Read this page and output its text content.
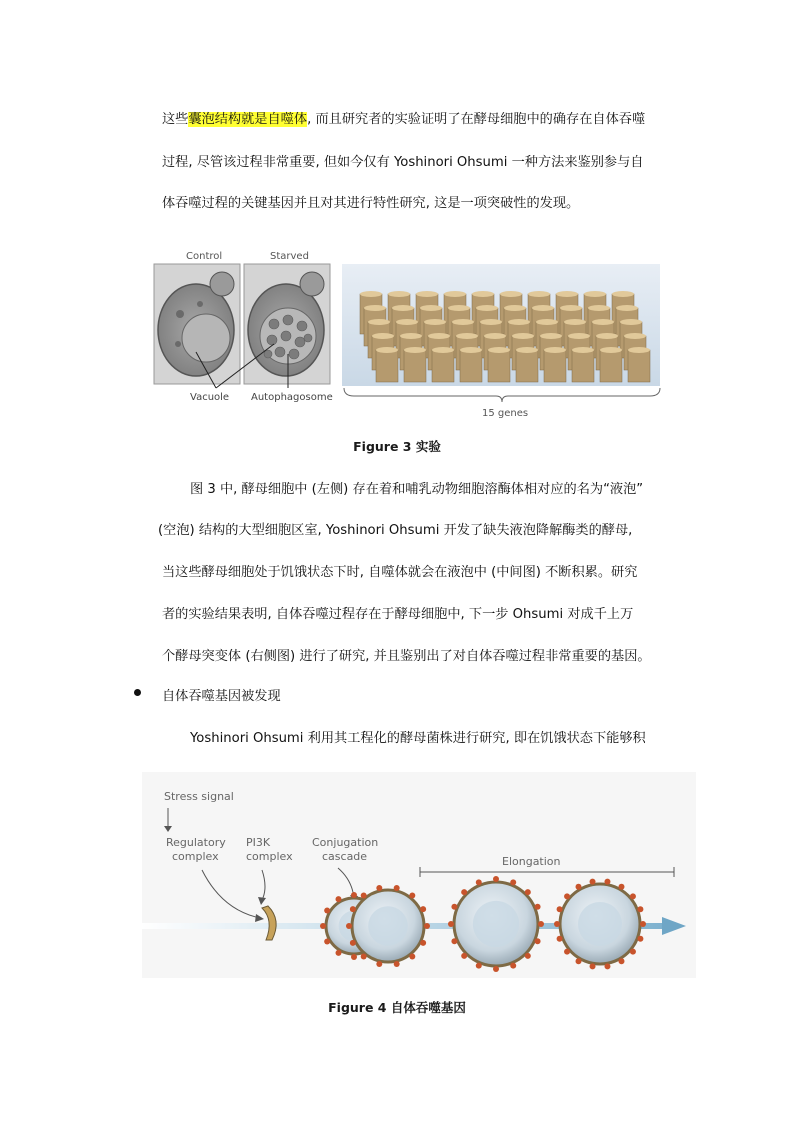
这些囊泡结构就是自噬体, 而且研究者的实验证明了在酵母细胞中的确存在自体吞噬
过程, 尽管该过程非常重要, 但如今仅有 Yoshinori Ohsumi 一种方法来鉴别参与自
体吞噬过程的关键基因并且对其进行特性研究, 这是一项突破性的发现。
Control	Starved
Vacuole Autophagosome
15 genes
Figure 3 实验
图 3 中, 酵母细胞中 (左侧) 存在着和哺乳动物细胞溶酶体相对应的名为“液泡”
(空泡) 结构的大型细胞区室, Yoshinori Ohsumi 开发了缺失液泡降解酶类的酵母,
当这些酵母细胞处于饥饿状态下时, 自噬体就会在液泡中 (中间图) 不断积累。研究
者的实验结果表明, 自体吞噬过程存在于酵母细胞中, 下一步 Ohsumi 对成千上万
个酵母突变体 (右侧图) 进行了研究, 并且鉴别出了对自体吞噬过程非常重要的基因。
自体吞噬基因被发现
Yoshinori Ohsumi 利用其工程化的酵母菌株进行研究, 即在饥饿状态下能够积
Stress signal
Regulatory
complex
PI3K
complex
Conjugation
cascade	Elongation
Figure 4 自体吞噬基因
